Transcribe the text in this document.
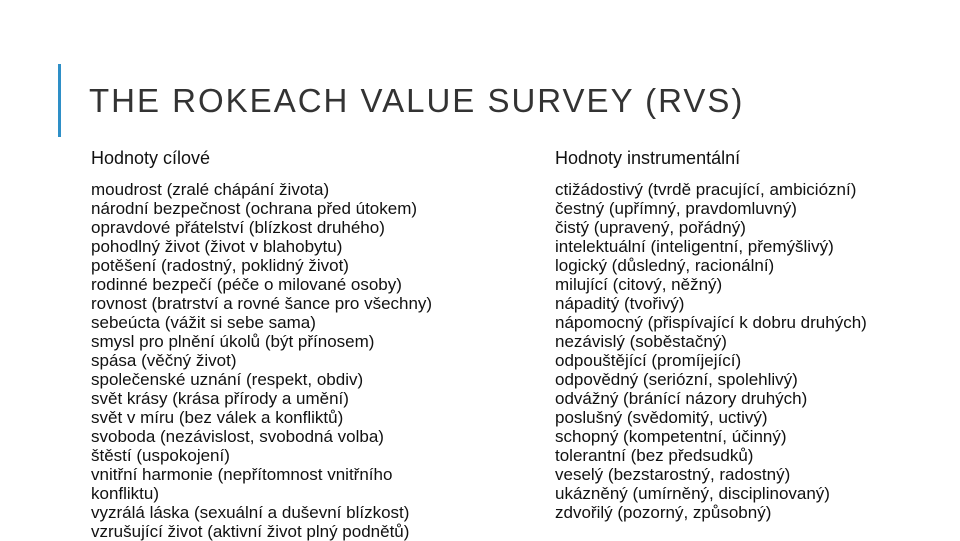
THE ROKEACH VALUE SURVEY (RVS)
Hodnoty cílové
moudrost (zralé chápání života)
národní bezpečnost (ochrana před útokem)
opravdové přátelství (blízkost druhého)
pohodlný život (život v blahobytu)
potěšení (radostný, poklidný život)
rodinné bezpečí (péče o milované osoby)
rovnost (bratrství a rovné šance pro všechny)
sebeúcta (vážit si sebe sama)
smysl pro plnění úkolů (být přínosem)
spása (věčný život)
společenské uznání (respekt, obdiv)
svět krásy (krása přírody a umění)
svět v míru (bez válek a konfliktů)
svoboda (nezávislost, svobodná volba)
štěstí (uspokojení)
vnitřní harmonie (nepřítomnost vnitřního
konfliktu)
vyzrálá láska (sexuální a duševní blízkost)
vzrušující život (aktivní život plný podnětů)
Hodnoty instrumentální
ctižádostivý (tvrdě pracující, ambiciózní)
čestný (upřímný, pravdomluvný)
čistý (upravený, pořádný)
intelektuální (inteligentní, přemýšlivý)
logický (důsledný, racionální)
milující (citový, něžný)
nápaditý (tvořivý)
nápomocný (přispívající k dobru druhých)
nezávislý (soběstačný)
odpouštějící (promíjející)
odpovědný (seriózní, spolehlivý)
odvážný (bránící názory druhých)
poslušný (svědomitý, uctivý)
schopný (kompetentní, účinný)
tolerantní (bez předsudků)
veselý (bezstarostný, radostný)
ukázněný (umírněný, disciplinovaný)
zdvořilý (pozorný, způsobný)
